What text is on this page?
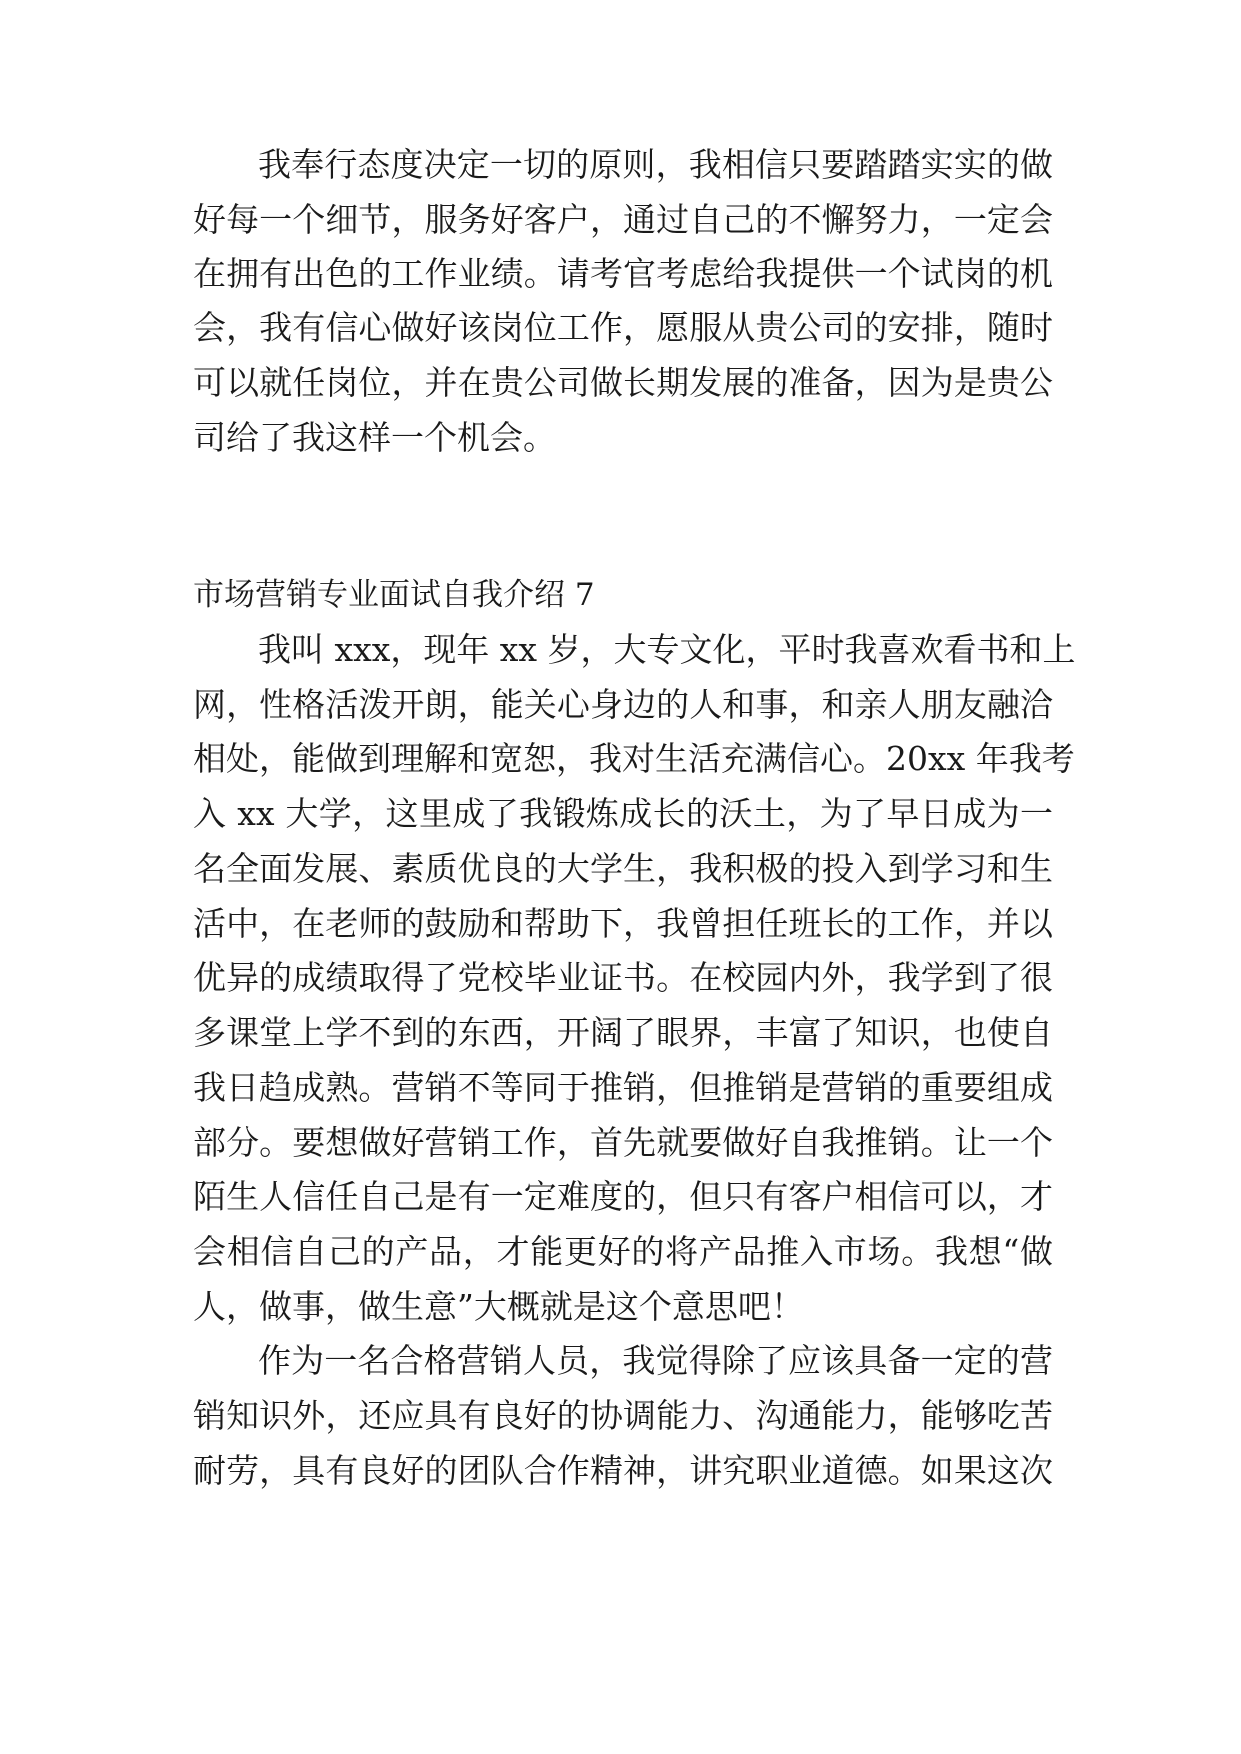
我奉行态度决定一切的原则，我相信只要踏踏实实的做

好每一个细节，服务好客户，通过自己的不懈努力，一定会

在拥有出色的工作业绩。请考官考虑给我提供一个试岗的机

会，我有信心做好该岗位工作，愿服从贵公司的安排，随时

可以就任岗位，并在贵公司做长期发展的准备，因为是贵公

司给了我这样一个机会。

市场营销专业面试自我介绍 7

我叫 xxx，现年 xx 岁，大专文化，平时我喜欢看书和上

网，性格活泼开朗，能关心身边的人和事，和亲人朋友融洽

相处，能做到理解和宽恕，我对生活充满信心。20xx 年我考

入 xx 大学，这里成了我锻炼成长的沃土，为了早日成为一

名全面发展、素质优良的大学生，我积极的投入到学习和生

活中，在老师的鼓励和帮助下，我曾担任班长的工作，并以

优异的成绩取得了党校毕业证书。在校园内外，我学到了很

多课堂上学不到的东西，开阔了眼界，丰富了知识，也使自

我日趋成熟。营销不等同于推销，但推销是营销的重要组成

部分。要想做好营销工作，首先就要做好自我推销。让一个

陌生人信任自己是有一定难度的，但只有客户相信可以，才

会相信自己的产品，才能更好的将产品推入市场。我想“做

人，做事，做生意”大概就是这个意思吧！

作为一名合格营销人员，我觉得除了应该具备一定的营

销知识外，还应具有良好的协调能力、沟通能力，能够吃苦

耐劳，具有良好的团队合作精神，讲究职业道德。如果这次
